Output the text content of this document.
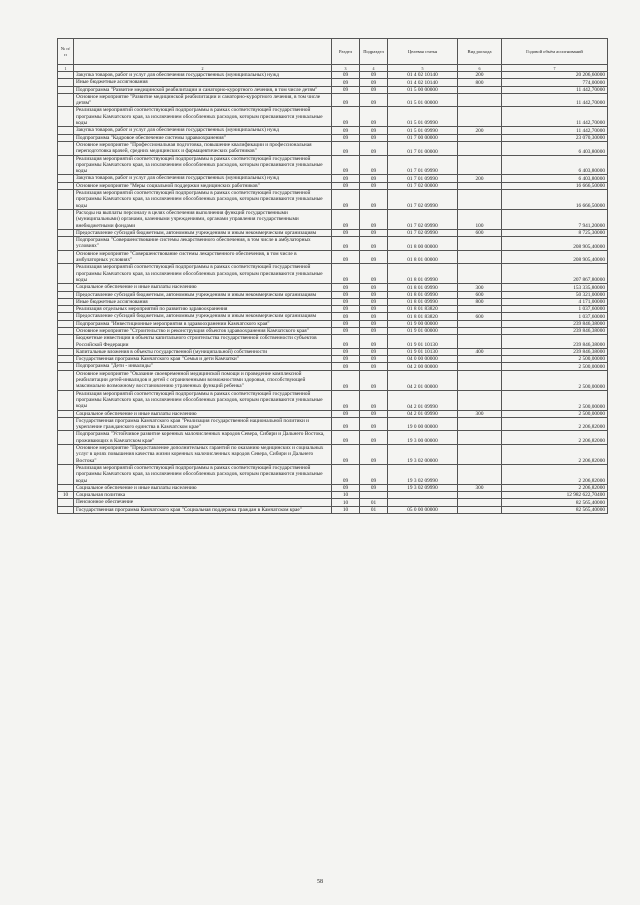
№ п/п		Раздел	Подраздел	Целевая статья	Вид расхода	Годовой объём ассигнований
1	2	3	4	5	6	7
	Закупка товаров, работ и услуг для обеспечения государственных (муниципальных) нужд	09	09	01 4 02 10140	200	20 206,60000
	Иные бюджетные ассигнования	09	09	01 4 02 10140	800	774,00000
	Подпрограмма "Развитие медицинской реабилитации и санаторно-курортного лечения, в том числе детям"	09	09	01 5 00 00000		11 442,70000
	Основное мероприятие "Развитие медицинской реабилитации и санаторно-курортного лечения, в том числе детям"	09	09	01 5 01 00000		11 442,70000
	Реализация мероприятий соответствующей подпрограммы в рамках соответствующей государственной программы Камчатского края, за исключением обособленных расходов, которым присваиваются уникальные коды	09	09	01 5 01 09990		11 442,70000
	Закупка товаров, работ и услуг для обеспечения государственных (муниципальных) нужд	09	09	01 5 01 09990	200	11 442,70000
	Подпрограмма "Кадровое обеспечение системы здравоохранения"	09	09	01 7 00 00000		23 070,30000
	Основное мероприятие "Профессиональная подготовка, повышение квалификации и профессиональная переподготовка врачей, средних медицинских и фармацевтических работников"	09	09	01 7 01 00000		6 403,80000
	Реализация мероприятий соответствующей подпрограммы в рамках соответствующей государственной программы Камчатского края, за исключением обособленных расходов, которым присваиваются уникальные коды	09	09	01 7 01 09990		6 403,80000
	Закупка товаров, работ и услуг для обеспечения государственных (муниципальных) нужд	09	09	01 7 01 09990	200	6 403,80000
	Основное мероприятие "Меры социальной поддержки медицинских работников"	09	09	01 7 02 00000		16 666,50000
	Реализация мероприятий соответствующей подпрограммы в рамках соответствующей государственной программы Камчатского края, за исключением обособленных расходов, которым присваиваются уникальные коды	09	09	01 7 02 09990		16 666,50000
	Расходы на выплаты персоналу в целях обеспечения выполнения функций государственными (муниципальными) органами, казенными учреждениями, органами управления государственными внебюджетными фондами	09	09	01 7 02 09990	100	7 941,20000
	Предоставление субсидий бюджетным, автономным учреждениям и иным некоммерческим организациям	09	09	01 7 02 09990	600	8 725,30000
	Подпрограмма "Совершенствование системы лекарственного обеспечения, в том числе в амбулаторных условиях"	09	09	01 8 00 00000		208 905,40000
	Основное мероприятие "Совершенствование системы лекарственного обеспечения, в том числе в амбулаторных условиях"	09	09	01 8 01 00000		208 905,40000
	Реализация мероприятий соответствующей подпрограммы в рамках соответствующей государственной программы Камчатского края, за исключением обособленных расходов, которым присваиваются уникальные коды	09	09	01 8 01 09990		207 867,80000
	Социальное обеспечение и иные выплаты населению	09	09	01 8 01 09990	300	153 335,80000
	Предоставление субсидий бюджетным, автономным учреждениям и иным некоммерческим организациям	09	09	01 8 01 09990	600	50 321,00000
	Иные бюджетные ассигнования	09	09	01 8 01 09990	800	4 171,00000
	Реализация отдельных мероприятий по развитию здравоохранения	09	09	01 8 01 83820		1 037,60000
	Предоставление субсидий бюджетным, автономным учреждениям и иным некоммерческим организациям	09	09	01 8 01 83820	600	1 037,60000
	Подпрограмма "Инвестиционные мероприятия в здравоохранении Камчатского края"	09	09	01 9 00 00000		239 846,38000
	Основное мероприятие "Строительство и реконструкция объектов здравоохранения Камчатского края"	09	09	01 9 01 00000		239 846,38000
	Бюджетные инвестиции в объекты капитального строительства государственной собственности субъектов Российской Федерации	09	09	01 9 01 10130		239 846,38000
	Капитальные вложения в объекты государственной (муниципальной) собственности	09	09	01 9 01 10130	400	239 846,38000
	Государственная программа Камчатского края "Семья и дети Камчатки"	09	09	04 0 00 00000		2 500,00000
	Подпрограмма "Дети - инвалиды"	09	09	04 2 00 00000		2 500,00000
	Основное мероприятие "Оказание своевременной медицинской помощи и проведение комплексной реабилитации детей-инвалидов и детей с ограниченными возможностями здоровья, способствующей максимально возможному восстановлению утраченных функций ребенка"	09	09	04 2 01 00000		2 500,00000
	Реализация мероприятий соответствующей подпрограммы в рамках соответствующей государственной программы Камчатского края, за исключением обособленных расходов, которым присваиваются уникальные коды	09	09	04 2 01 09990		2 500,00000
	Социальное обеспечение и иные выплаты населению	09	09	04 2 01 09990	300	2 500,00000
	Государственная программа Камчатского края "Реализация государственной национальной политики и укрепление гражданского единства в Камчатском крае"	09	09	19 0 00 00000		2 206,82000
	Подпрограмма "Устойчивое развитие коренных малочисленных народов Севера, Сибири и Дальнего Востока, проживающих в Камчатском крае"	09	09	19 3 00 00000		2 206,82000
	Основное мероприятие "Предоставление дополнительных гарантий по оказанию медицинских и социальных услуг в целях повышения качества жизни коренных малочисленных народов Севера, Сибири и Дальнего Востока"	09	09	19 3 02 00000		2 206,82000
	Реализация мероприятий соответствующей подпрограммы в рамках соответствующей государственной программы Камчатского края, за исключением обособленных расходов, которым присваиваются уникальные коды	09	09	19 3 02 09990		2 206,82000
	Социальное обеспечение и иные выплаты населению	09	09	19 3 02 09990	300	2 206,82000
10	Социальная политика	10				12 982 622,70400
	Пенсионное обеспечение	10	01			82 565,40000
	Государственная программа Камчатского края "Социальная поддержка граждан в Камчатском крае"	10	01	05 0 00 00000		82 565,40000
58
